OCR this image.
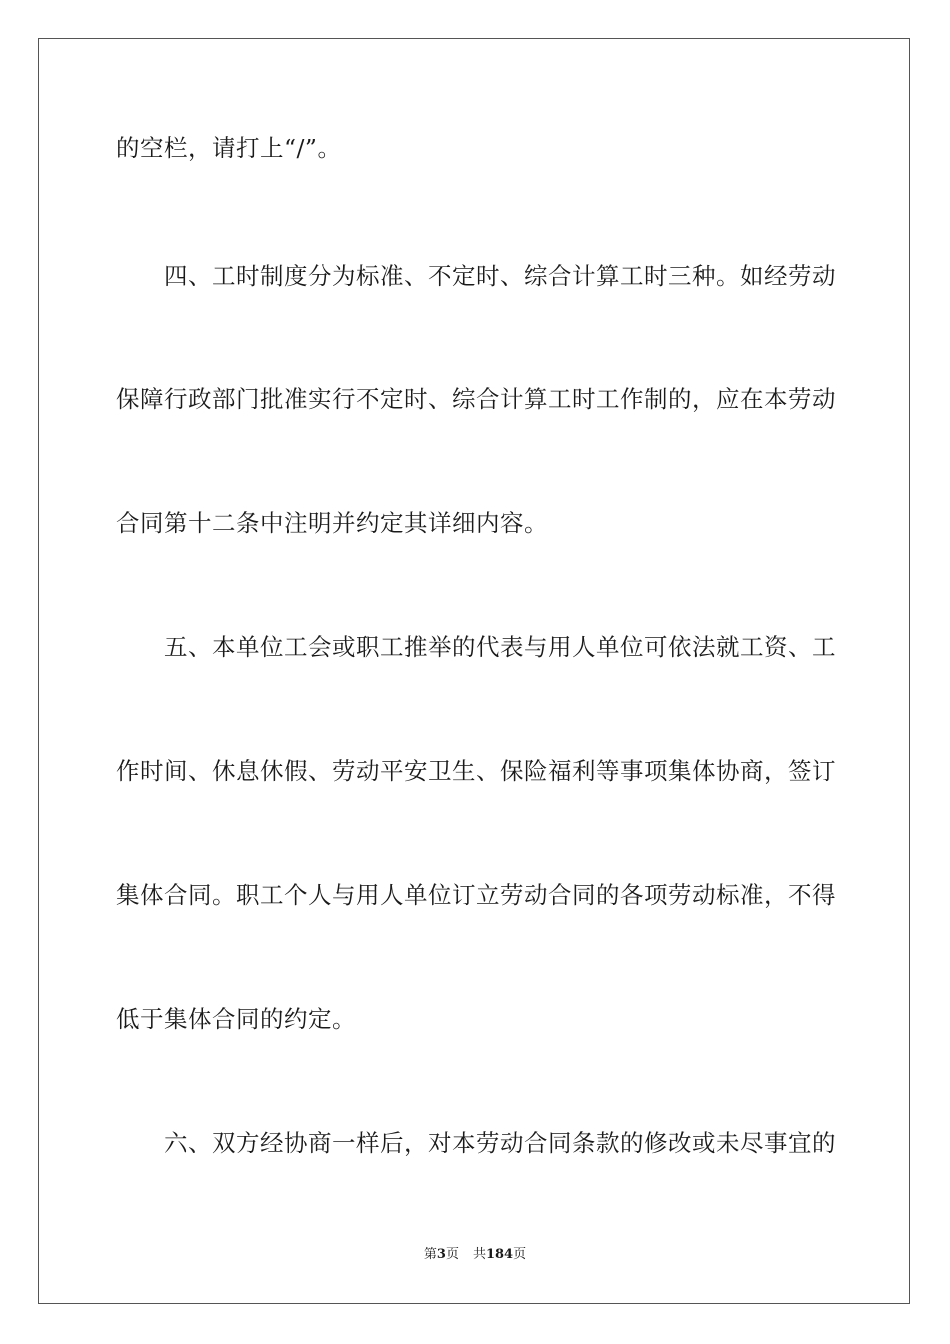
的空栏，请打上“/”。
四、工时制度分为标准、不定时、综合计算工时三种。如经劳动
保障行政部门批准实行不定时、综合计算工时工作制的，应在本劳动
合同第十二条中注明并约定其详细内容。
五、本单位工会或职工推举的代表与用人单位可依法就工资、工
作时间、休息休假、劳动平安卫生、保险福利等事项集体协商，签订
集体合同。职工个人与用人单位订立劳动合同的各项劳动标准，不得
低于集体合同的约定。
六、双方经协商一样后，对本劳动合同条款的修改或未尽事宜的
第3页 共184页
